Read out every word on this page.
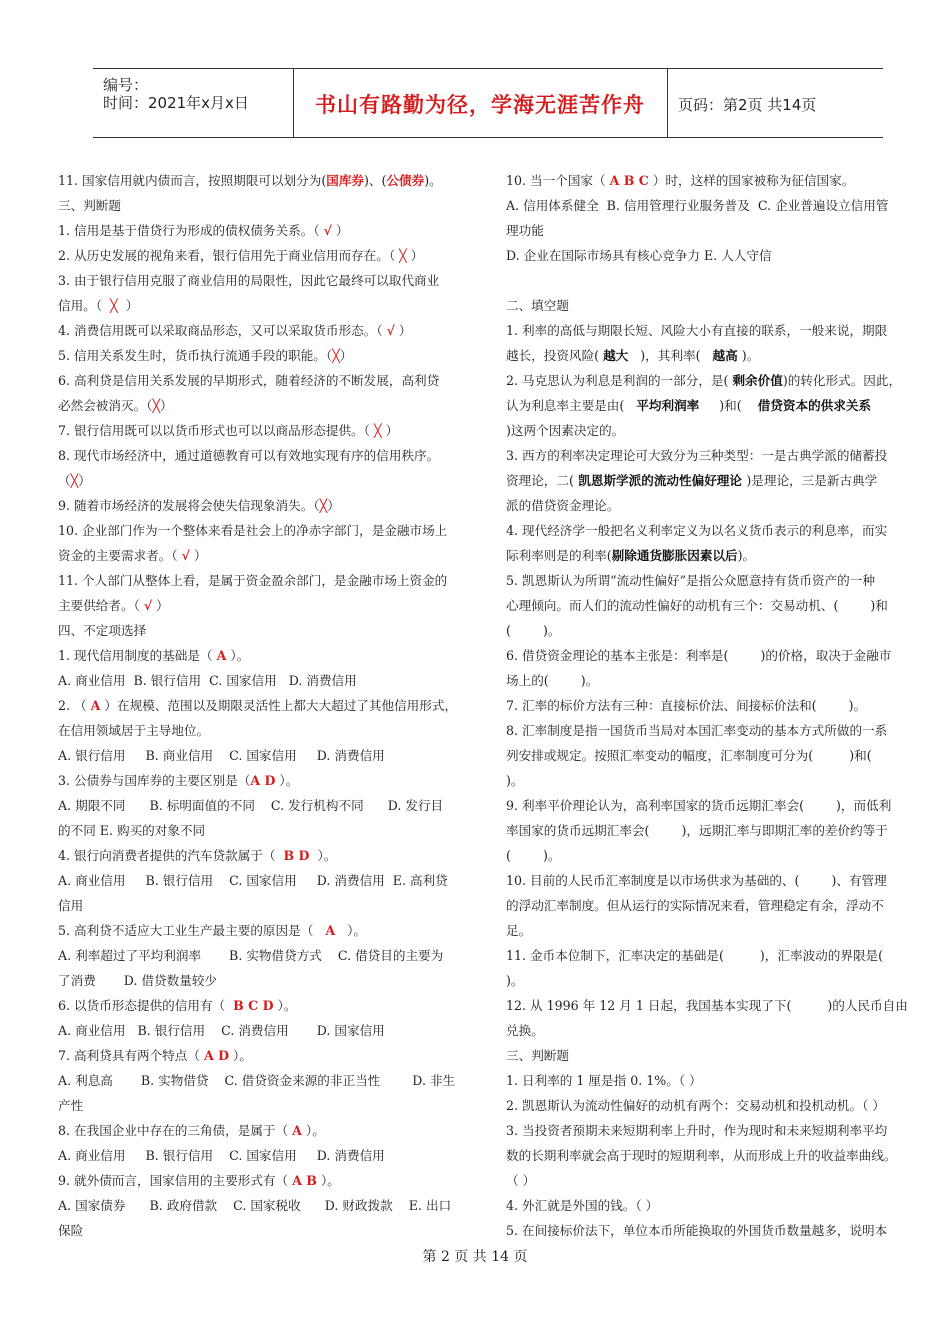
编号：
时间：2021年x月x日	书山有路勤为径，学海无涯苦作舟	页码：第2页 共14页
11. 国家信用就内债而言，按照期限可以划分为(国库券)、(公债券)。
三、判断题
1. 信用是基于借贷行为形成的债权债务关系。（ √ ）
2. 从历史发展的视角来看，银行信用先于商业信用而存在。（ ╳ ）
3. 由于银行信用克服了商业信用的局限性，因此它最终可以取代商业
信用。（  ╳  ）
4. 消费信用既可以采取商品形态，又可以采取货币形态。（ √ ）
5. 信用关系发生时，货币执行流通手段的职能。（╳）
6. 高利贷是信用关系发展的早期形式，随着经济的不断发展，高利贷
必然会被消灭。（╳）
7. 银行信用既可以以货币形式也可以以商品形态提供。（ ╳ ）
8. 现代市场经济中，通过道德教育可以有效地实现有序的信用秩序。
（╳）
9. 随着市场经济的发展将会使失信现象消失。（╳）
10. 企业部门作为一个整体来看是社会上的净赤字部门，是金融市场上
资金的主要需求者。（ √ ）
11. 个人部门从整体上看，是属于资金盈余部门，是金融市场上资金的
主要供给者。（ √ ）
四、不定项选择
1. 现代信用制度的基础是（ A ）。
A. 商业信用  B. 银行信用  C. 国家信用   D. 消费信用
2. （ A ）在规模、范围以及期限灵活性上都大大超过了其他信用形式，
在信用领域居于主导地位。
A. 银行信用     B. 商业信用    C. 国家信用     D. 消费信用
3. 公债券与国库券的主要区别是（A D ）。
A. 期限不同      B. 标明面值的不同    C. 发行机构不同      D. 发行目
的不同 E. 购买的对象不同
4. 银行向消费者提供的汽车贷款属于（  B D  ）。
A. 商业信用     B. 银行信用    C. 国家信用     D. 消费信用  E. 高利贷
信用
5. 高利贷不适应大工业生产最主要的原因是（   A   ）。
A. 利率超过了平均利润率       B. 实物借贷方式    C. 借贷目的主要为
了消费       D. 借贷数量较少
6. 以货币形态提供的信用有（  B C D ）。
A. 商业信用   B. 银行信用    C. 消费信用       D. 国家信用
7. 高利贷具有两个特点（ A D ）。
A. 利息高       B. 实物借贷    C. 借贷资金来源的非正当性        D. 非生
产性
8. 在我国企业中存在的三角债，是属于（ A ）。
A. 商业信用     B. 银行信用    C. 国家信用     D. 消费信用
9. 就外债而言，国家信用的主要形式有（ A B ）。
A. 国家债券      B. 政府借款    C. 国家税收      D. 财政拨款    E. 出口
保险
10. 当一个国家（ A B C ）时，这样的国家被称为征信国家。
A. 信用体系健全  B. 信用管理行业服务普及  C. 企业普遍设立信用管
理功能
D. 企业在国际市场具有核心竞争力 E. 人人守信
二、填空题
1. 利率的高低与期限长短、风险大小有直接的联系，一般来说，期限
越长，投资风险( 越大   )，其利率(   越高 )。
2. 马克思认为利息是利润的一部分，是( 剩余价值)的转化形式。因此，
认为利息率主要是由(   平均利润率     )和(    借贷资本的供求关系
)这两个因素决定的。
3. 西方的利率决定理论可大致分为三种类型：一是古典学派的储蓄投
资理论，二( 凯恩斯学派的流动性偏好理论 )是理论，三是新古典学
派的借贷资金理论。
4. 现代经济学一般把名义利率定义为以名义货币表示的利息率，而实
际利率则是的利率(剔除通货膨胀因素以后)。
5. 凯恩斯认为所谓“流动性偏好”是指公众愿意持有货币资产的一种
心理倾向。而人们的流动性偏好的动机有三个：交易动机、(        )和
(        )。
6. 借贷资金理论的基本主张是：利率是(        )的价格，取决于金融市
场上的(        )。
7. 汇率的标价方法有三种：直接标价法、间接标价法和(        )。
8. 汇率制度是指一国货币当局对本国汇率变动的基本方式所做的一系
列安排或规定。按照汇率变动的幅度，汇率制度可分为(         )和(
)。
9. 利率平价理论认为，高利率国家的货币远期汇率会(        )，而低利
率国家的货币远期汇率会(        )，远期汇率与即期汇率的差价约等于
(        )。
10. 目前的人民币汇率制度是以市场供求为基础的、(        )、有管理
的浮动汇率制度。但从运行的实际情况来看，管理稳定有余，浮动不
足。
11. 金币本位制下，汇率决定的基础是(         )，汇率波动的界限是(
)。
12. 从 1996 年 12 月 1 日起，我国基本实现了下(         )的人民币自由
兑换。
三、判断题
1. 日利率的 1 厘是指 0. 1%。（ ）
2. 凯恩斯认为流动性偏好的动机有两个：交易动机和投机动机。（ ）
3. 当投资者预期未来短期利率上升时，作为现时和未来短期利率平均
数的长期利率就会高于现时的短期利率，从而形成上升的收益率曲线。
（ ）
4. 外汇就是外国的钱。（ ）
5. 在间接标价法下，单位本币所能换取的外国货币数量越多，说明本
第 2 页 共 14 页
